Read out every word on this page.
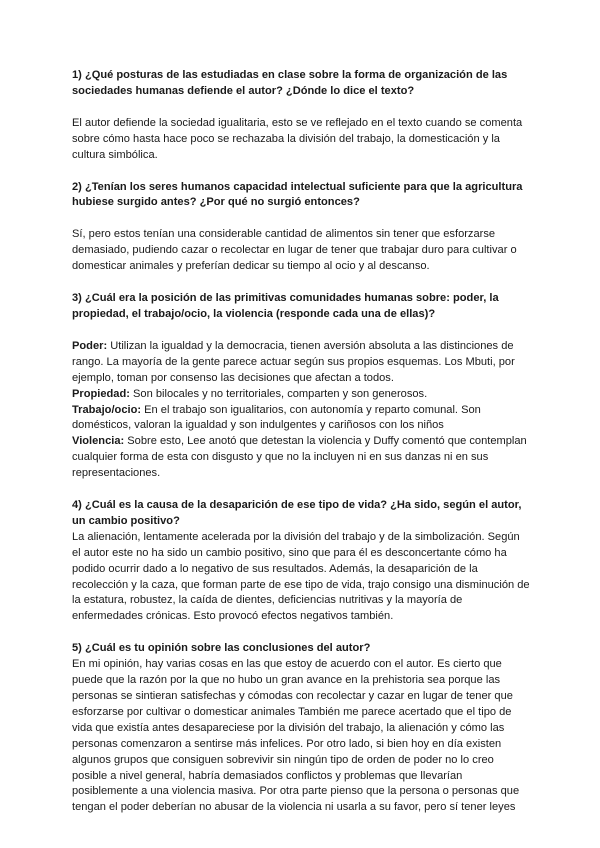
1) ¿Qué posturas de las estudiadas en clase sobre la forma de organización de las sociedades humanas defiende el autor? ¿Dónde lo dice el texto?

El autor defiende la sociedad igualitaria, esto se ve reflejado en el texto cuando se comenta sobre cómo hasta hace poco se rechazaba la división del trabajo, la domesticación y la cultura simbólica.

2) ¿Tenían los seres humanos capacidad intelectual suficiente para que la agricultura hubiese surgido antes? ¿Por qué no surgió entonces?

Sí, pero estos tenían una considerable cantidad de alimentos sin tener que esforzarse demasiado, pudiendo cazar o recolectar en lugar de tener que trabajar duro para cultivar o domesticar animales y preferían dedicar su tiempo al ocio y al descanso.

3) ¿Cuál era la posición de las primitivas comunidades humanas sobre: poder, la propiedad, el trabajo/ocio, la violencia (responde cada una de ellas)?

Poder: Utilizan la igualdad y la democracia, tienen aversión absoluta a las distinciones de rango. La mayoría de la gente parece actuar según sus propios esquemas. Los Mbuti, por ejemplo, toman por consenso las decisiones que afectan a todos.

Propiedad: Son bilocales y no territoriales, comparten y son generosos.

Trabajo/ocio: En el trabajo son igualitarios, con autonomía y reparto comunal. Son domésticos, valoran la igualdad y son indulgentes y cariñosos con los niños

Violencia: Sobre esto, Lee anotó que detestan la violencia y Duffy comentó que contemplan cualquier forma de esta con disgusto y que no la incluyen ni en sus danzas ni en sus representaciones.

4) ¿Cuál es la causa de la desaparición de ese tipo de vida? ¿Ha sido, según el autor, un cambio positivo?

La alienación, lentamente acelerada por la división del trabajo y de la simbolización. Según el autor este no ha sido un cambio positivo, sino que para él es desconcertante cómo ha podido ocurrir dado a lo negativo de sus resultados. Además, la desaparición de la recolección y la caza, que forman parte de ese tipo de vida, trajo consigo una disminución de la estatura, robustez, la caída de dientes, deficiencias nutritivas y la mayoría de enfermedades crónicas. Esto provocó efectos negativos también.

5) ¿Cuál es tu opinión sobre las conclusiones del autor?

En mi opinión, hay varias cosas en las que estoy de acuerdo con el autor. Es cierto que puede que la razón por la que no hubo un gran avance en la prehistoria sea porque las personas se sintieran satisfechas y cómodas con recolectar y cazar en lugar de tener que esforzarse por cultivar o domesticar animales También me parece acertado que el tipo de vida que existía antes desapareciese por la división del trabajo, la alienación y cómo las personas comenzaron a sentirse más infelices. Por otro lado, si bien hoy en día existen algunos grupos que consiguen sobrevivir sin ningún tipo de orden de poder no lo creo posible a nivel general, habría demasiados conflictos y problemas que llevarían posiblemente a una violencia masiva. Por otra parte pienso que la persona o personas que tengan el poder deberían no abusar de la violencia ni usarla a su favor, pero sí tener leyes
